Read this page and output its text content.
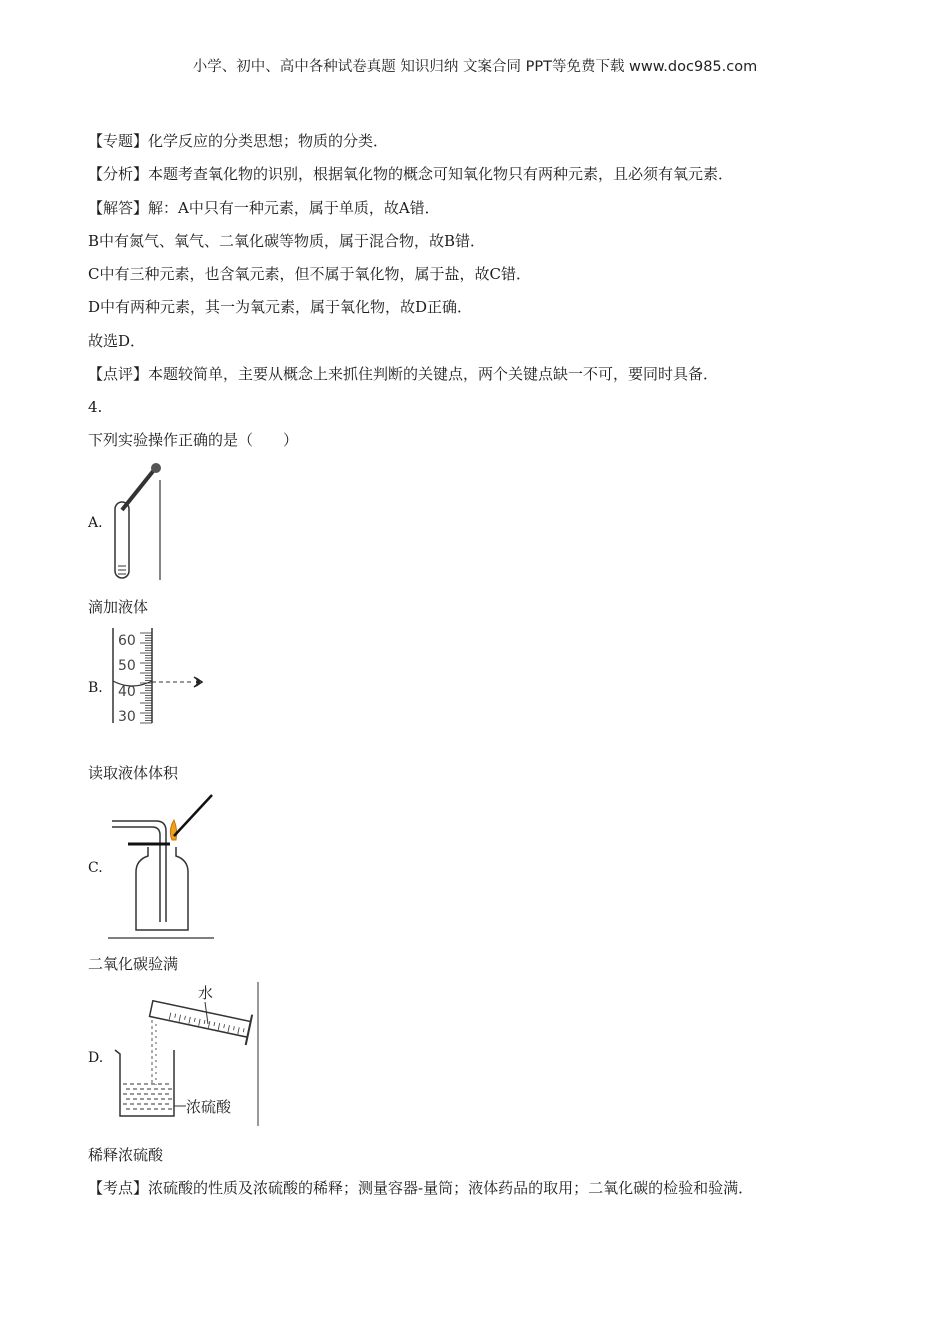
小学、初中、高中各种试卷真题 知识归纳 文案合同 PPT等免费下载 www.doc985.com
【专题】化学反应的分类思想；物质的分类．
【分析】本题考查氧化物的识别，根据氧化物的概念可知氧化物只有两种元素，且必须有氧元素．
【解答】解：A中只有一种元素，属于单质，故A错．
B中有氮气、氧气、二氧化碳等物质，属于混合物，故B错．
C中有三种元素，也含氧元素，但不属于氧化物，属于盐，故C错．
D中有两种元素，其一为氧元素，属于氧化物，故D正确．
故选D．
【点评】本题较简单，主要从概念上来抓住判断的关键点，两个关键点缺一不可，要同时具备．
4.
下列实验操作正确的是（　　）
A.
滴加液体
60
50
40
30
B.
读取液体体积
C.
二氧化碳验满
水
浓硫酸
D.
稀释浓硫酸
【考点】浓硫酸的性质及浓硫酸的稀释；测量容器-量筒；液体药品的取用；二氧化碳的检验和验满．
